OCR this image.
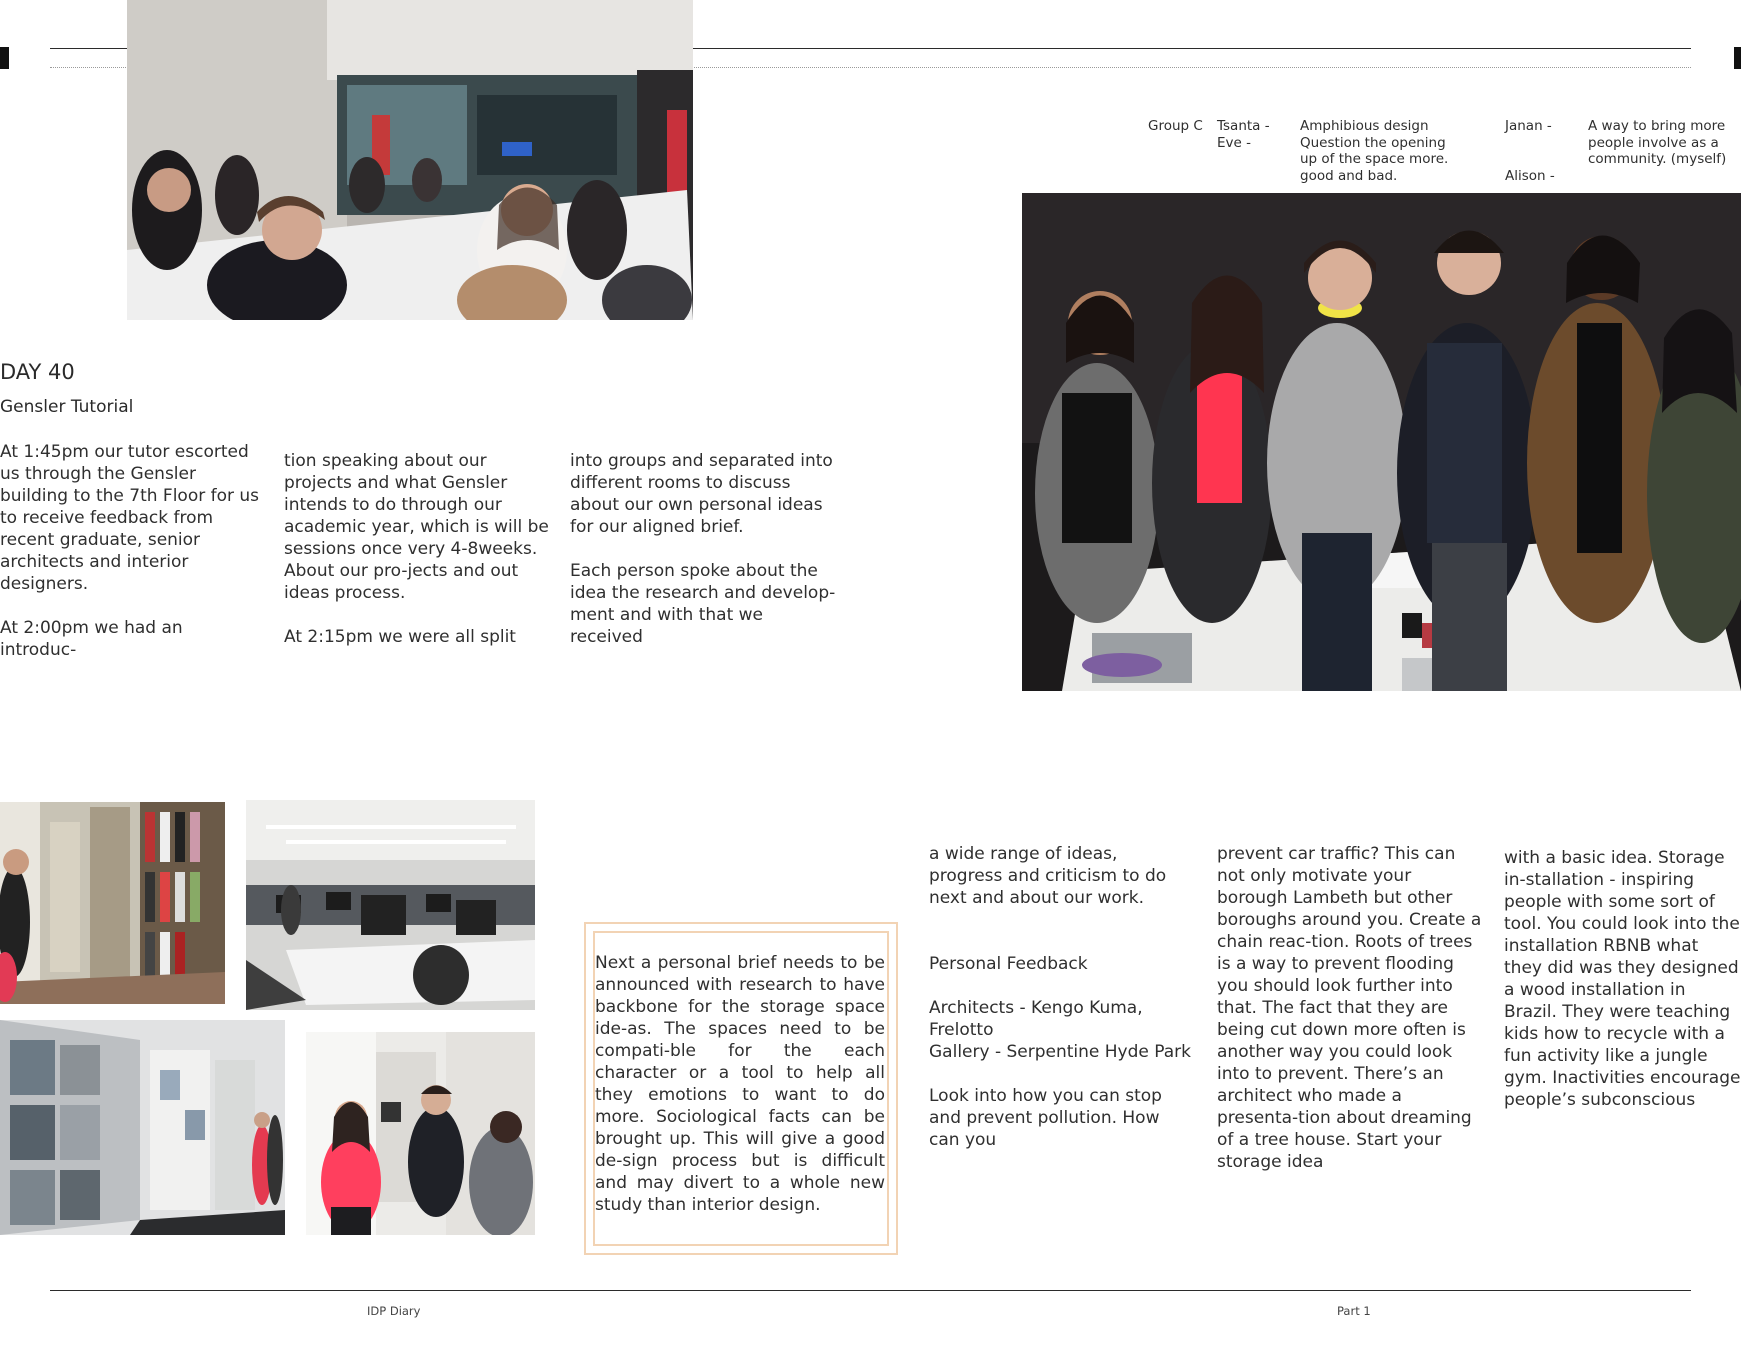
DAY 40
Gensler Tutorial

At 1:45pm our tutor escorted us through the Gensler building to the 7th Floor for us to receive feedback from recent graduate, senior architects and interior designers.

At 2:00pm we had an introduc-

tion speaking about our projects and what Gensler intends to do through our academic year, which is will be sessions once very 4-8weeks. About our pro-jects and out ideas process.

At 2:15pm we were all split

into groups and separated into different rooms to discuss about our own personal ideas for our aligned brief.

Each person spoke about the idea the research and develop-ment and with that we received

Next a personal brief needs to be announced with research to have backbone for the storage space ide-as. The spaces need to be compati-ble for the each character or a tool to help all they emotions to want to do more. Sociological facts can be brought up. This will give a good de-sign process but is difficult and may divert to a whole new study than interior design.
Group C Tsanta -
Eve -
Amphibious design Question the opening up of the space more. good and bad.
Janan -
Alison -
A way to bring more people involve as a community. (myself)

a wide range of ideas, progress and criticism to do next and about our work.

Personal Feedback

Architects - Kengo Kuma, Frelotto
Gallery - Serpentine Hyde Park

Look into how you can stop and prevent pollution. How can you

prevent car traffic? This can not only motivate your borough Lambeth but other boroughs around you. Create a chain reac-tion. Roots of trees is a way to prevent flooding you should look further into that. The fact that they are being cut down more often is another way you could look into to prevent. There’s an architect who made a presenta-tion about dreaming of a tree house. Start your storage idea

with a basic idea. Storage in-stallation - inspiring people with some sort of tool. You could look into the installation RBNB what they did was they designed a wood installation in Brazil. They were teaching kids how to recycle with a fun activity like a jungle gym. Inactivities encourage people’s subconscious

IDP Diary	Part 1
